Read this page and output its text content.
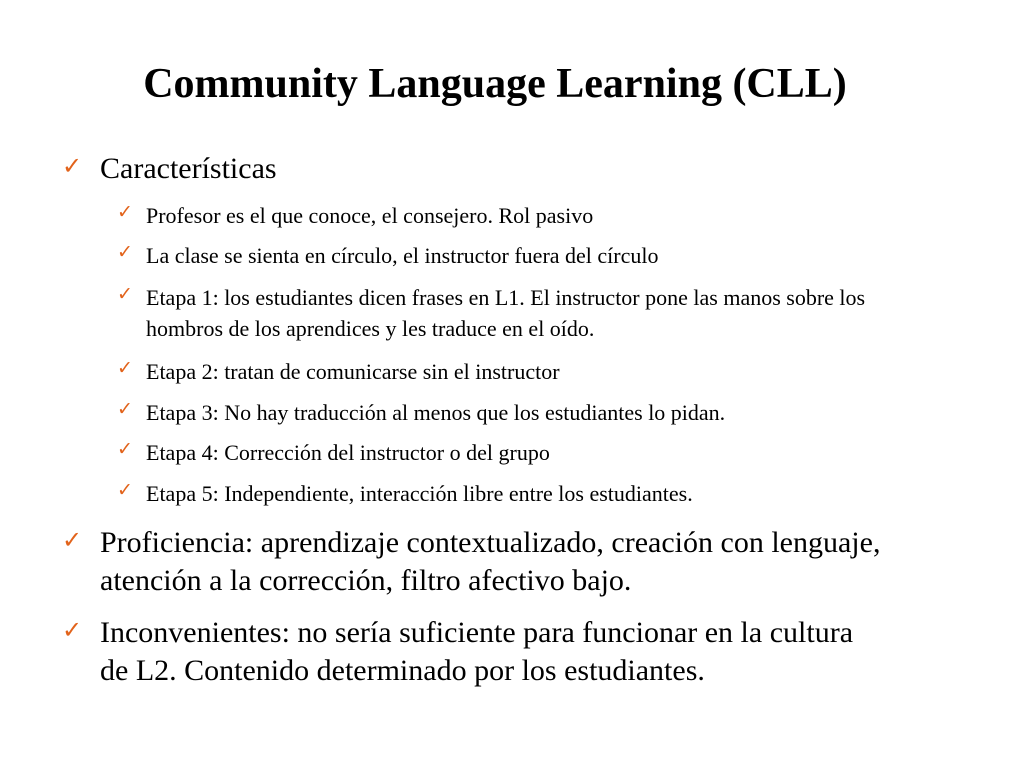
Community Language Learning (CLL)
✓ Características
✓ Profesor es el que conoce, el consejero. Rol pasivo
✓ La clase se sienta en círculo, el instructor fuera del círculo
✓ Etapa 1: los estudiantes dicen frases en L1. El instructor pone las manos sobre los hombros de los aprendices y les traduce en el oído.
✓ Etapa 2: tratan de comunicarse sin el instructor
✓ Etapa 3: No hay traducción al menos que los estudiantes lo pidan.
✓ Etapa 4: Corrección del instructor o del grupo
✓ Etapa 5: Independiente, interacción libre entre los estudiantes.
✓ Proficiencia: aprendizaje contextualizado, creación con lenguaje, atención a la corrección, filtro afectivo bajo.
✓ Inconvenientes: no sería suficiente para funcionar en la cultura de L2. Contenido determinado por los estudiantes.
